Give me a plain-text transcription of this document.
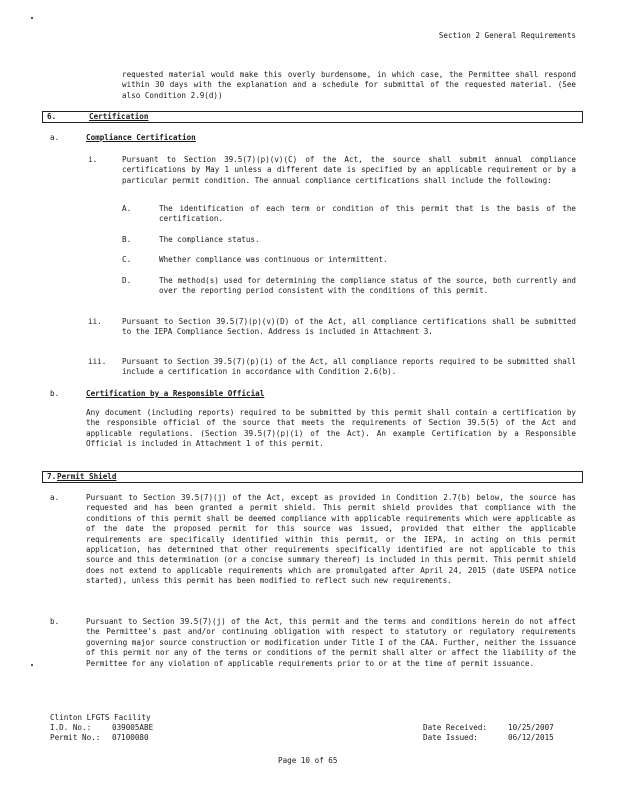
Section 2 General Requirements
requested material would make this overly burdensome, in which case, the Permittee shall respond within 30 days with the explanation and a schedule for submittal of the requested material. (See also Condition 2.9(d))
6.	Certification
a.	Compliance Certification
i.	Pursuant to Section 39.5(7)(p)(v)(C) of the Act, the source shall submit annual compliance certifications by May 1 unless a different date is specified by an applicable requirement or by a particular permit condition. The annual compliance certifications shall include the following:
A.	The identification of each term or condition of this permit that is the basis of the certification.
B.	The compliance status.
C.	Whether compliance was continuous or intermittent.
D.	The method(s) used for determining the compliance status of the source, both currently and over the reporting period consistent with the conditions of this permit.
ii.	Pursuant to Section 39.5(7)(p)(v)(D) of the Act, all compliance certifications shall be submitted to the IEPA Compliance Section. Address is included in Attachment 3.
iii. Pursuant to Section 39.5(7)(p)(i) of the Act, all compliance reports required to be submitted shall include a certification in accordance with Condition 2.6(b).
b.	Certification by a Responsible Official
Any document (including reports) required to be submitted by this permit shall contain a certification by the responsible official of the source that meets the requirements of Section 39.5(5) of the Act and applicable regulations. (Section 39.5(7)(p)(i) of the Act). An example Certification by a Responsible Official is included in Attachment 1 of this permit.
7. Permit Shield
a.	Pursuant to Section 39.5(7)(j) of the Act, except as provided in Condition 2.7(b) below, the source has requested and has been granted a permit shield. This permit shield provides that compliance with the conditions of this permit shall be deemed compliance with applicable requirements which were applicable as of the date the proposed permit for this source was issued, provided that either the applicable requirements are specifically identified within this permit, or the IEPA, in acting on this permit application, has determined that other requirements specifically identified are not applicable to this source and this determination (or a concise summary thereof) is included in this permit. This permit shield does not extend to applicable requirements which are promulgated after April 24, 2015 (date USEPA notice started), unless this permit has been modified to reflect such new requirements.
b.	Pursuant to Section 39.5(7)(j) of the Act, this permit and the terms and conditions herein do not affect the Permittee's past and/or continuing obligation with respect to statutory or regulatory requirements governing major source construction or modification under Title I of the CAA. Further, neither the issuance of this permit nor any of the terms or conditions of the permit shall alter or affect the liability of the Permittee for any violation of applicable requirements prior to or at the time of permit issuance.
Clinton LFGTS Facility
I.D. No.:	039005ABE
Permit No.: 07100080
Date Received:	10/25/2007
Date Issued:	06/12/2015
Page 10 of 65
